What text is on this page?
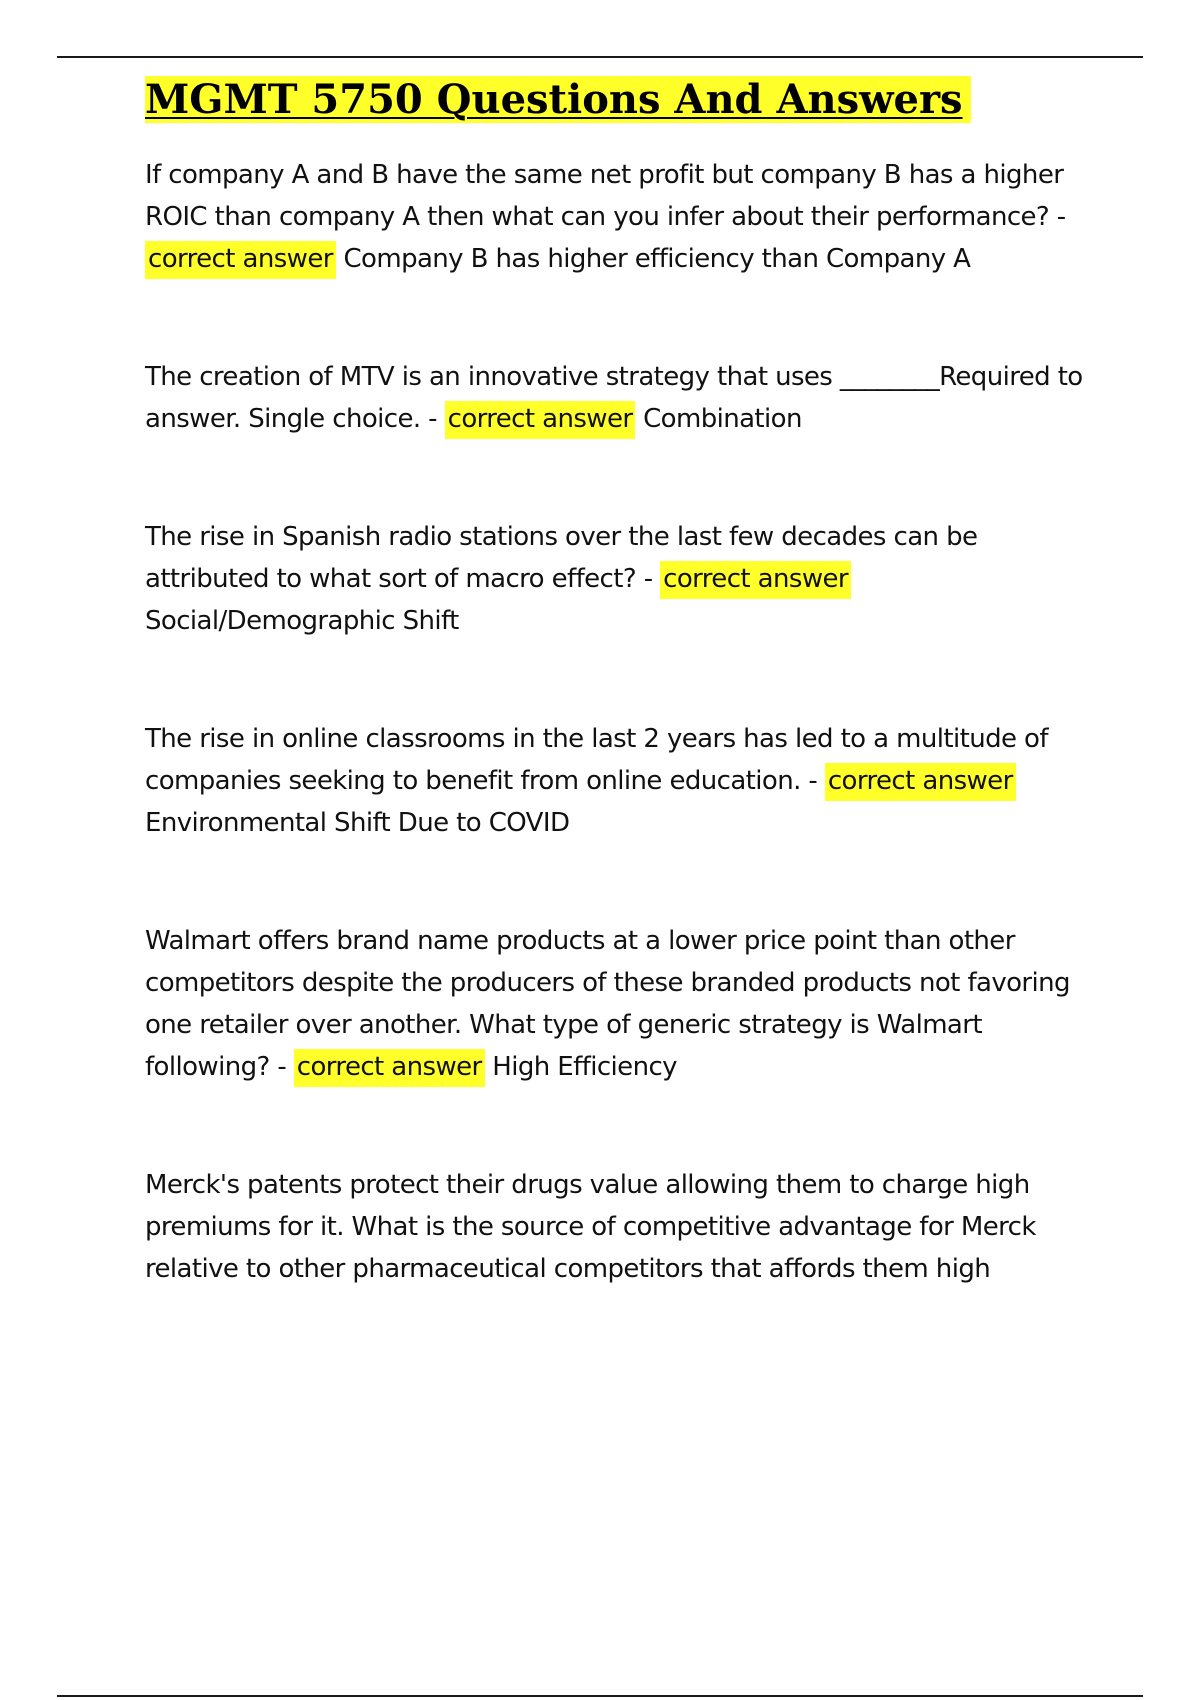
MGMT 5750 Questions And Answers

If company A and B have the same net profit but company B has a higher ROIC than company A then what can you infer about their performance? - correct answer Company B has higher efficiency than Company A

The creation of MTV is an innovative strategy that uses ________Required to answer. Single choice. - correct answer Combination

The rise in Spanish radio stations over the last few decades can be attributed to what sort of macro effect? - correct answer Social/Demographic Shift

The rise in online classrooms in the last 2 years has led to a multitude of companies seeking to benefit from online education. - correct answer Environmental Shift Due to COVID

Walmart offers brand name products at a lower price point than other competitors despite the producers of these branded products not favoring one retailer over another. What type of generic strategy is Walmart following? - correct answer High Efficiency

Merck's patents protect their drugs value allowing them to charge high premiums for it. What is the source of competitive advantage for Merck relative to other pharmaceutical competitors that affords them high
